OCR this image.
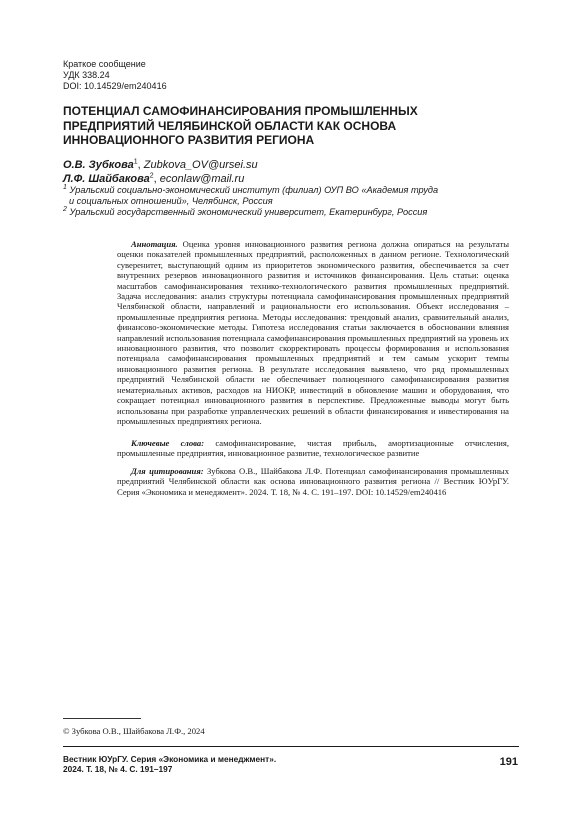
Краткое сообщение
УДК 338.24
DOI: 10.14529/em240416
ПОТЕНЦИАЛ САМОФИНАНСИРОВАНИЯ ПРОМЫШЛЕННЫХ
ПРЕДПРИЯТИЙ ЧЕЛЯБИНСКОЙ ОБЛАСТИ КАК ОСНОВА
ИННОВАЦИОННОГО РАЗВИТИЯ РЕГИОНА
О.В. Зубкова$^1$, Zubkova_OV@ursei.su
Л.Ф. Шайбакова$^2$, econlaw@mail.ru
$^1$ Уральский социально-экономический институт (филиал) ОУП ВО «Академия труда
и социальных отношений», Челябинск, Россия
$^2$ Уральский государственный экономический университет, Екатеринбург, Россия
Аннотация. Оценка уровня инновационного развития региона должна опираться на результаты оценки показателей промышленных предприятий, расположенных в данном регионе. Технологический суверенитет, выступающий одним из приоритетов экономического развития, обеспечивается за счет внутренних резервов инновационного развития и источников финансирования. Цель статьи: оценка масштабов самофинансирования технико-технологического развития промышленных предприятий. Задача исследования: анализ структуры потенциала самофинансирования промышленных предприятий Челябинской области, направлений и рациональности его использования. Объект исследования – промышленные предприятия региона. Методы исследования: трендовый анализ, сравнительный анализ, финансово-экономические методы. Гипотеза исследования статьи заключается в обосновании влияния направлений использования потенциала самофинансирования промышленных предприятий на уровень их инновационного развития, что позволит скорректировать процессы формирования и использования потенциала самофинансирования промышленных предприятий и тем самым ускорит темпы инновационного развития региона. В результате исследования выявлено, что ряд промышленных предприятий Челябинской области не обеспечивает полноценного самофинансирования развития нематериальных активов, расходов на НИОКР, инвестиций в обновление машин и оборудования, что сокращает потенциал инновационного развития в перспективе. Предложенные выводы могут быть использованы при разработке управленческих решений в области финансирования и инвестирования на промышленных предприятиях региона.
Ключевые слова: самофинансирование, чистая прибыль, амортизационные отчисления, промышленные предприятия, инновационное развитие, технологическое развитие
Для цитирования: Зубкова О.В., Шайбакова Л.Ф. Потенциал самофинансирования промышленных предприятий Челябинской области как основа инновационного развития региона // Вестник ЮУрГУ. Серия «Экономика и менеджмент». 2024. Т. 18, № 4. С. 191–197. DOI: 10.14529/em240416
© Зубкова О.В., Шайбакова Л.Ф., 2024
Вестник ЮУрГУ. Серия «Экономика и менеджмент».
2024. Т. 18, № 4. С. 191–197
191
